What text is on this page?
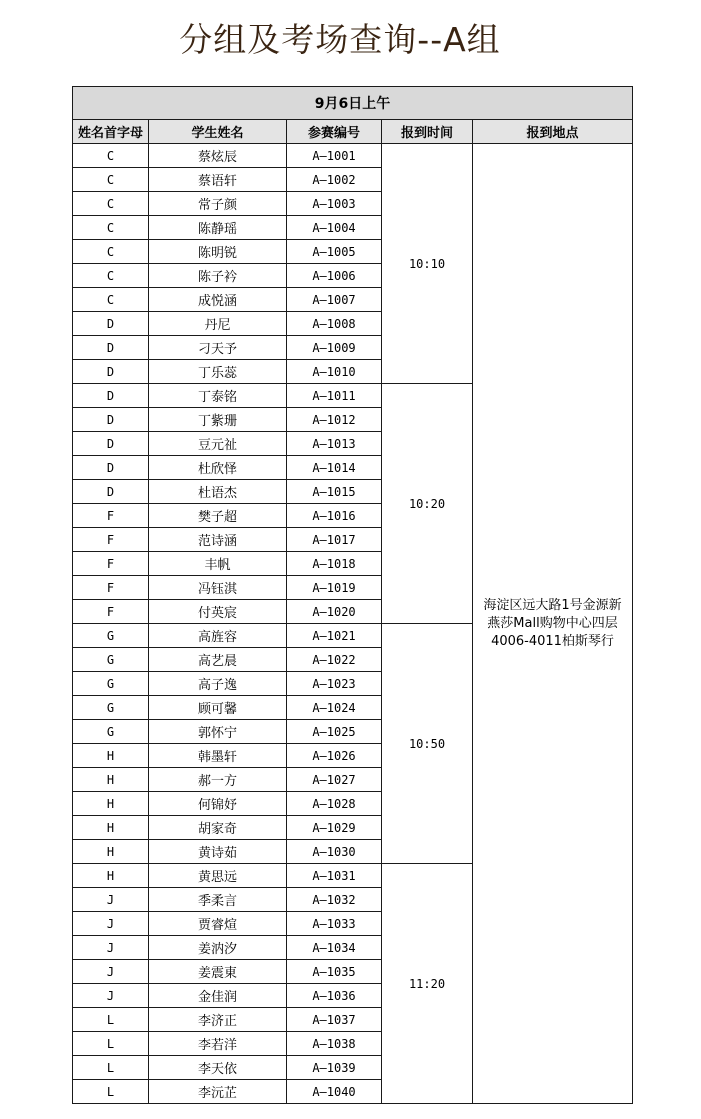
分组及考场查询--A组
9月6日上午				
姓名首字母	学生姓名	参赛编号	报到时间	报到地点
C	蔡炫辰	A—1001	10:10	海淀区远大路1号金源新
燕莎Mall购物中心四层
4006-4011柏斯琴行

C	蔡语轩	A—1002		
C	常子颜	A—1003		
C	陈静瑶	A—1004		
C	陈明锐	A—1005		
C	陈子衿	A—1006		
C	成悦涵	A—1007		
D	丹尼	A—1008		
D	刁天予	A—1009		
D	丁乐蕊	A—1010		
D	丁泰铭	A—1011	10:20	
D	丁紫珊	A—1012		
D	豆元祉	A—1013		
D	杜欣怿	A—1014		
D	杜语杰	A—1015		
F	樊子超	A—1016		
F	范诗涵	A—1017		
F	丰帆	A—1018		
F	冯钰淇	A—1019		
F	付英宸	A—1020		
G	高旌容	A—1021	10:50	
G	高艺晨	A—1022		
G	高子逸	A—1023		
G	顾可馨	A—1024		
G	郭怀宁	A—1025		
H	韩墨轩	A—1026		
H	郝一方	A—1027		
H	何锦妤	A—1028		
H	胡家奇	A—1029		
H	黄诗茹	A—1030		
H	黄思远	A—1031	11:20	
J	季柔言	A—1032		
J	贾睿煊	A—1033		
J	姜汭汐	A—1034		
J	姜震東	A—1035		
J	金佳润	A—1036		
L	李济正	A—1037		
L	李若洋	A—1038		
L	李天依	A—1039		
L	李沅芷	A—1040		
